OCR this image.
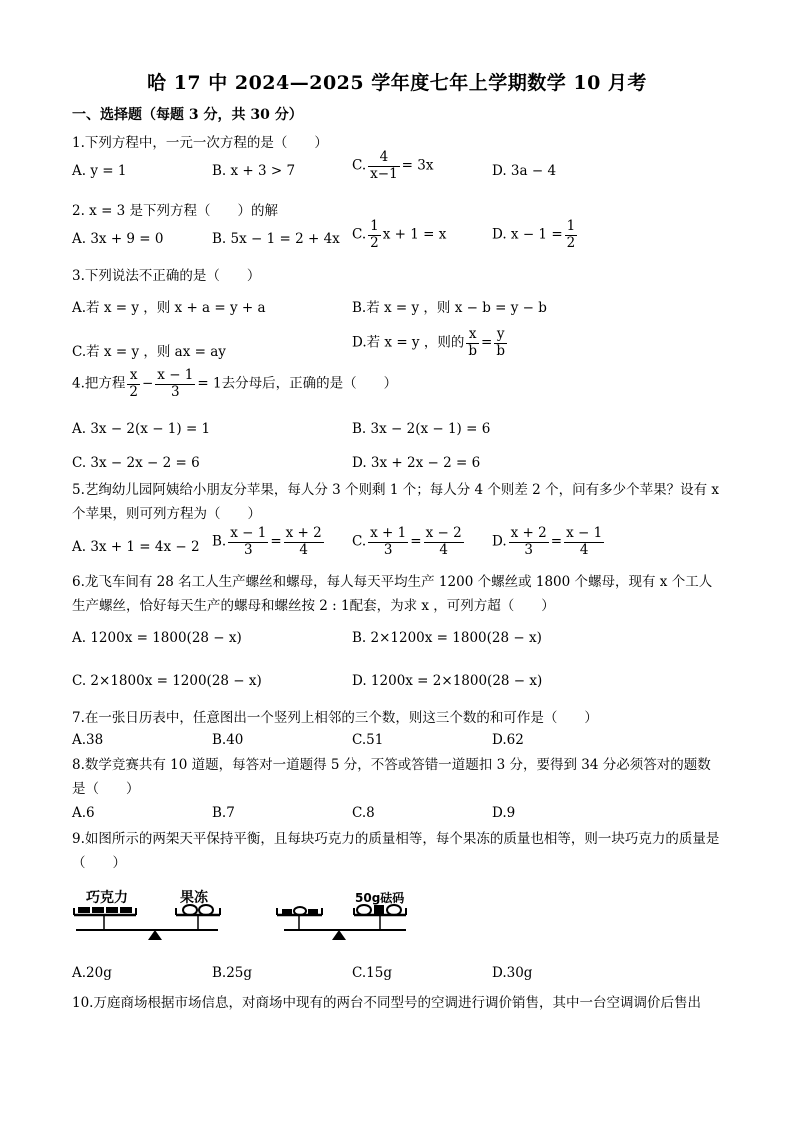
哈 17 中 2024—2025 学年度七年上学期数学 10 月考
一、选择题（每题 3 分，共 30 分）
1.下列方程中，一元一次方程的是（　　）
A. y = 1	B. x + 3 > 7	C. $\frac{4}{x-1} = 3x$	D. 3a − 4
2. x = 3 是下列方程（　　）的解
A. 3x + 9 = 0	B. 5x − 1 = 2 + 4x C. $\frac{1}{2}$ x + 1 = x	D. $x - 1 = \frac{1}{2}$
3.下列说法不正确的是（　　）
A.若 x = y ，则 x + a = y + a	B.若 x = y ，则 x − b = y − b
C.若 x = y ，则 ax = ay
D.若 x = y ，则的 $\frac{x}{b} = \frac{y}{b}$
4.把方程 $\frac{x}{2} - \frac{x - 1}{3} = 1$去分母后，正确的是（　　）
A. 3x − 2(x − 1) = 1	B. 3x − 2(x − 1) = 6
C. 3x − 2x − 2 = 6	D. 3x + 2x − 2 = 6
5.艺绚幼儿园阿姨给小朋友分苹果，每人分 3 个则剩 1 个；每人分 4 个则差 2 个，问有多少个苹果？设有 x 个苹果，则可列方程为（　　）
A. 3x + 1 = 4x − 2 B. $\frac{x - 1}{3} = \frac{x + 2}{4} C$. $\frac{x + 1}{3} = \frac{x - 2}{4} D$. $\frac{x + 2}{3} = \frac{x - 1}{4}$
6.龙飞车间有 28 名工人生产螺丝和螺母，每人每天平均生产 1200 个螺丝或 1800 个螺母，现有 x 个工人生产螺丝，恰好每天生产的螺母和螺丝按 2 : 1配套，为求 x ，可列方超（　　）
A. 1200x = 1800(28 − x)	B. 2×1200x = 1800(28 − x)
C. 2×1800x = 1200(28 − x)	D. 1200x = 2×1800(28 − x)
7.在一张日历表中，任意图出一个竖列上相邻的三个数，则这三个数的和可作是（　　）
A.38	B.40	C.51	D.62
8.数学竞赛共有 10 道题，每答对一道题得 5 分，不答或答错一道题扣 3 分，要得到 34 分必须答对的题数是（　　）
A.6	B.7	C.8	D.9
9.如图所示的两架天平保持平衡，且每块巧克力的质量相等，每个果冻的质量也相等，则一块巧克力的质量是（　　）
巧克力	果冻	50g砝码
A.20g	B.25g	C.15g	D.30g
10.万庭商场根据市场信息，对商场中现有的两台不同型号的空调进行调价销售，其中一台空调调价后售出
